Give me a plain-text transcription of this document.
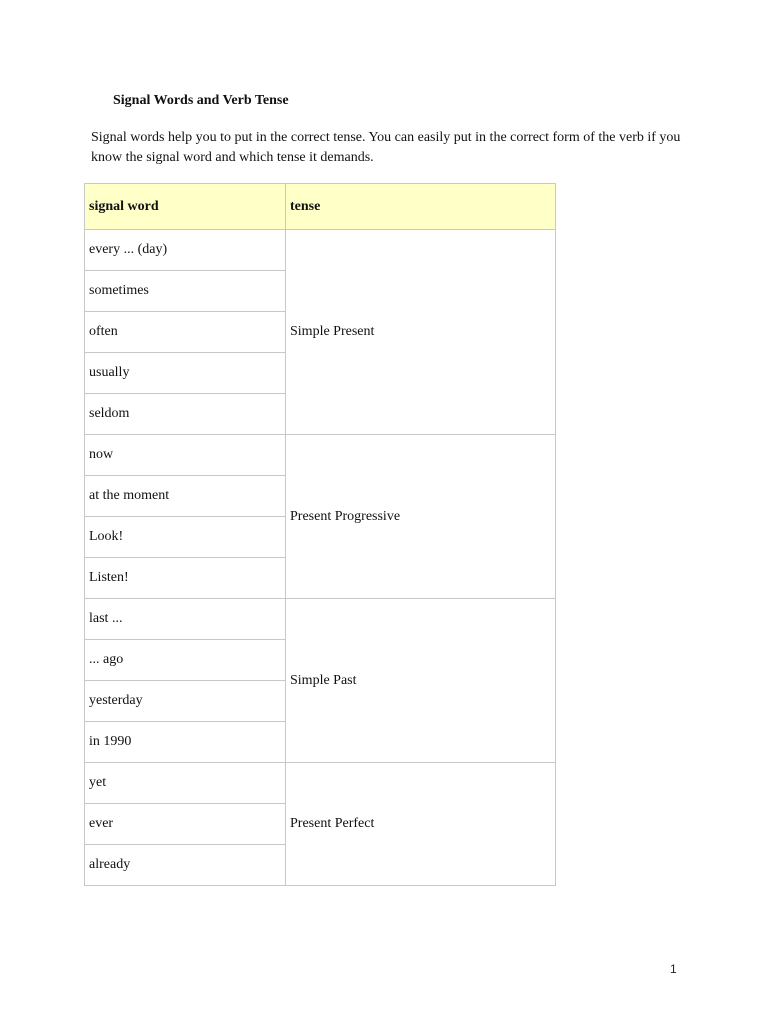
Signal Words and Verb Tense
Signal words help you to put in the correct tense. You can easily put in the correct form of the verb if you know the signal word and which tense it demands.
signal word	tense
every ... (day)	Simple Present
sometimes	
often	
usually	
seldom	
now	Present Progressive
at the moment	
Look!	
Listen!	
last ...	Simple Past
... ago	
yesterday	
in 1990	
yet	Present Perfect
ever	
already	
1
